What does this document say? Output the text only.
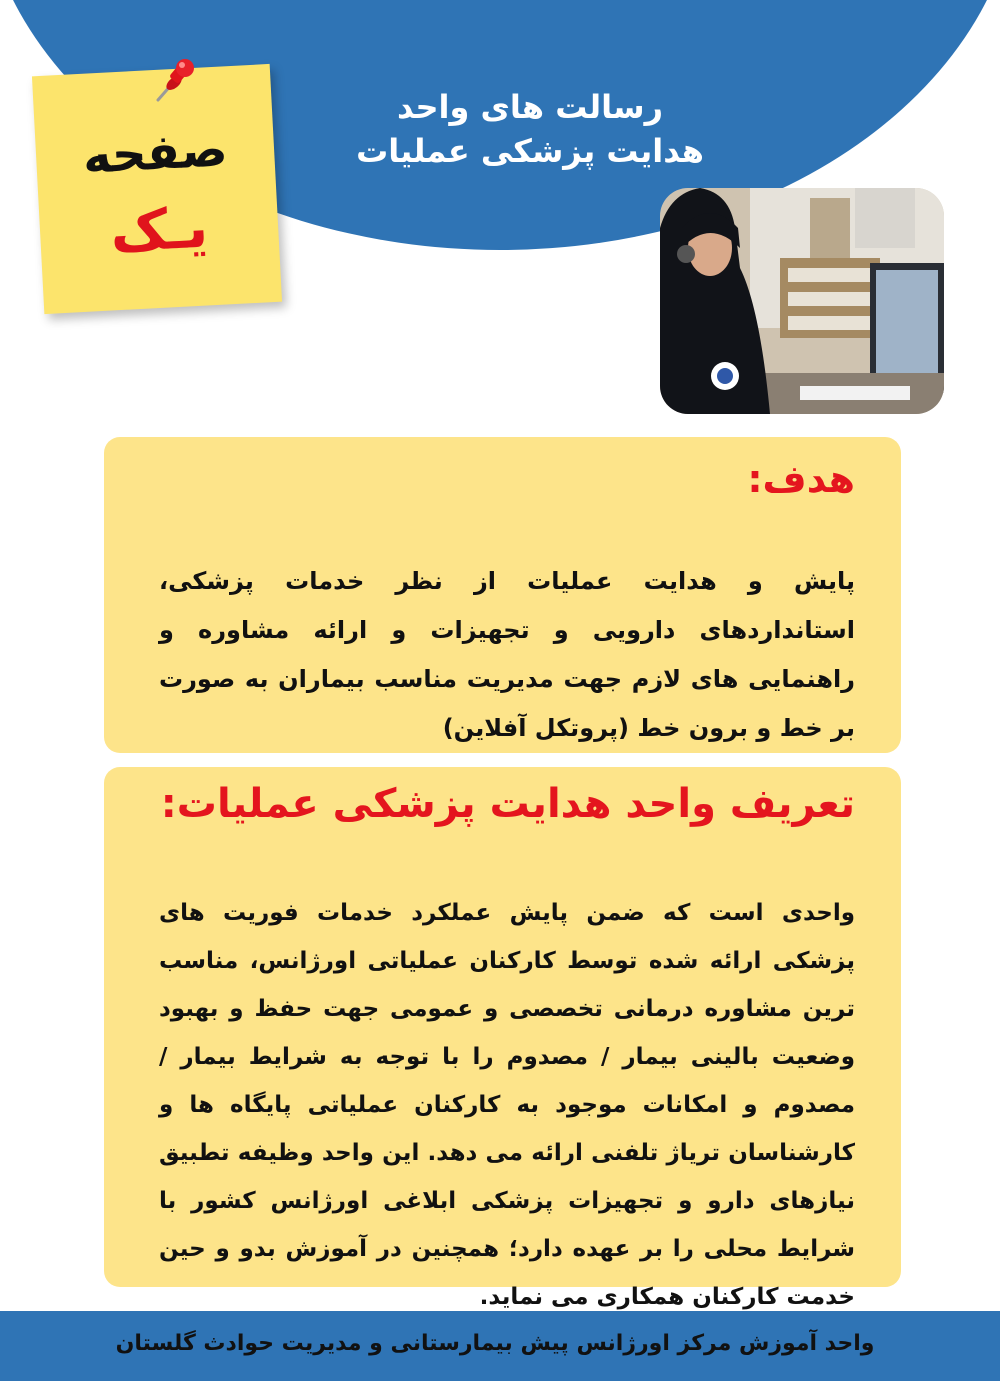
رسالت های واحد
هدایت پزشکی عملیات
صفحه
یـک
هدف:
پایش و هدایت عملیات از نظر خدمات پزشکی، استانداردهای دارویی و تجهیزات و ارائه مشاوره و راهنمایی های لازم جهت مدیریت مناسب بیماران به صورت بر خط و برون خط (پروتکل آفلاین)
تعریف واحد هدایت پزشکی عملیات:
واحدی است که ضمن پایش عملکرد خدمات فوریت های پزشکی ارائه شده توسط کارکنان عملیاتی اورژانس، مناسب ترین مشاوره درمانی تخصصی و عمومی جهت حفظ و بهبود وضعیت بالینی بیمار / مصدوم را با توجه به شرایط بیمار / مصدوم و امکانات موجود به کارکنان عملیاتی پایگاه ها و کارشناسان تریاژ تلفنی ارائه می دهد. این واحد وظیفه تطبیق نیازهای دارو و تجهیزات پزشکی ابلاغی اورژانس کشور با شرایط محلی را بر عهده دارد؛ همچنین در آموزش بدو و حین خدمت کارکنان همکاری می نماید.
واحد آموزش مرکز اورژانس پیش بیمارستانی و مدیریت حوادث گلستان
